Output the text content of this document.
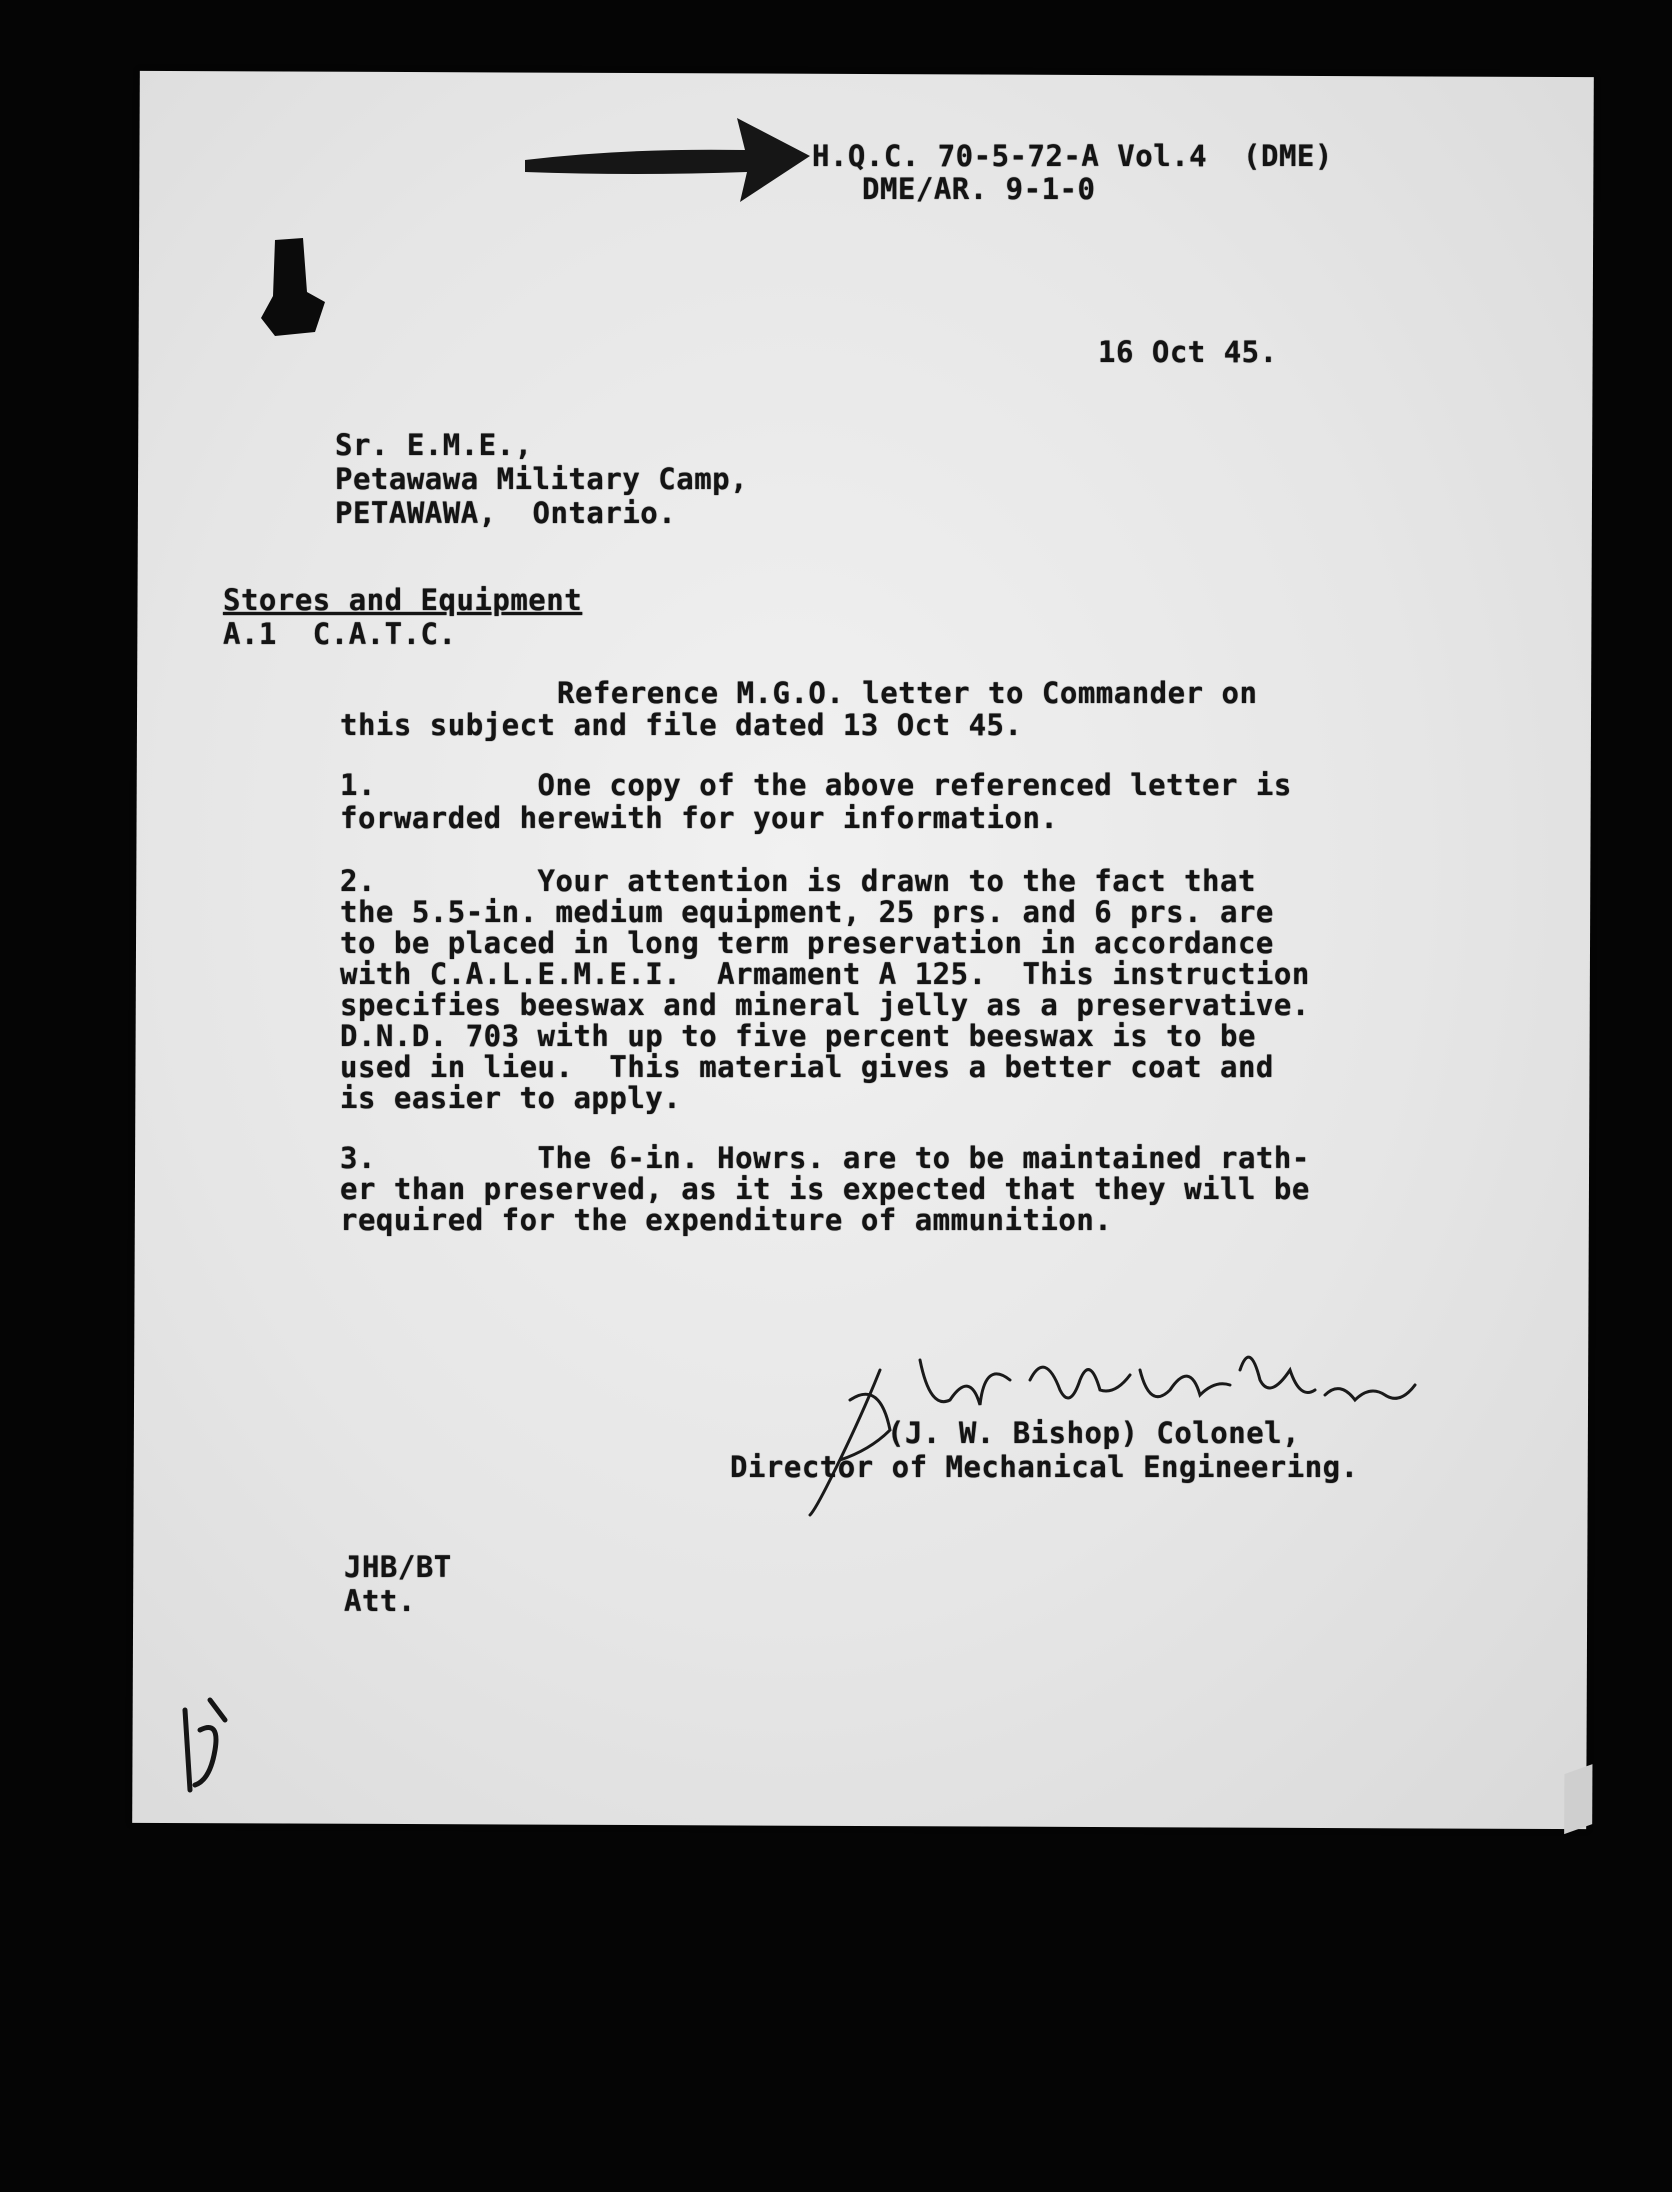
H.Q.C. 70-5-72-A Vol.4  (DME)
DME/AR. 9-1-0
16 Oct 45.
Sr. E.M.E.,
Petawawa Military Camp,
PETAWAWA,  Ontario.
Stores and Equipment
A.1  C.A.T.C.
Reference M.G.O. letter to Commander on
this subject and file dated 13 Oct 45.
1.         One copy of the above referenced letter is
forwarded herewith for your information.
2.         Your attention is drawn to the fact that
the 5.5-in. medium equipment, 25 prs. and 6 prs. are
to be placed in long term preservation in accordance
with C.A.L.E.M.E.I.  Armament A 125.  This instruction
specifies beeswax and mineral jelly as a preservative.
D.N.D. 703 with up to five percent beeswax is to be
used in lieu.  This material gives a better coat and
is easier to apply.
3.         The 6-in. Howrs. are to be maintained rath-
er than preserved, as it is expected that they will be
required for the expenditure of ammunition.
(J. W. Bishop) Colonel,
Director of Mechanical Engineering.
JHB/BT
Att.
